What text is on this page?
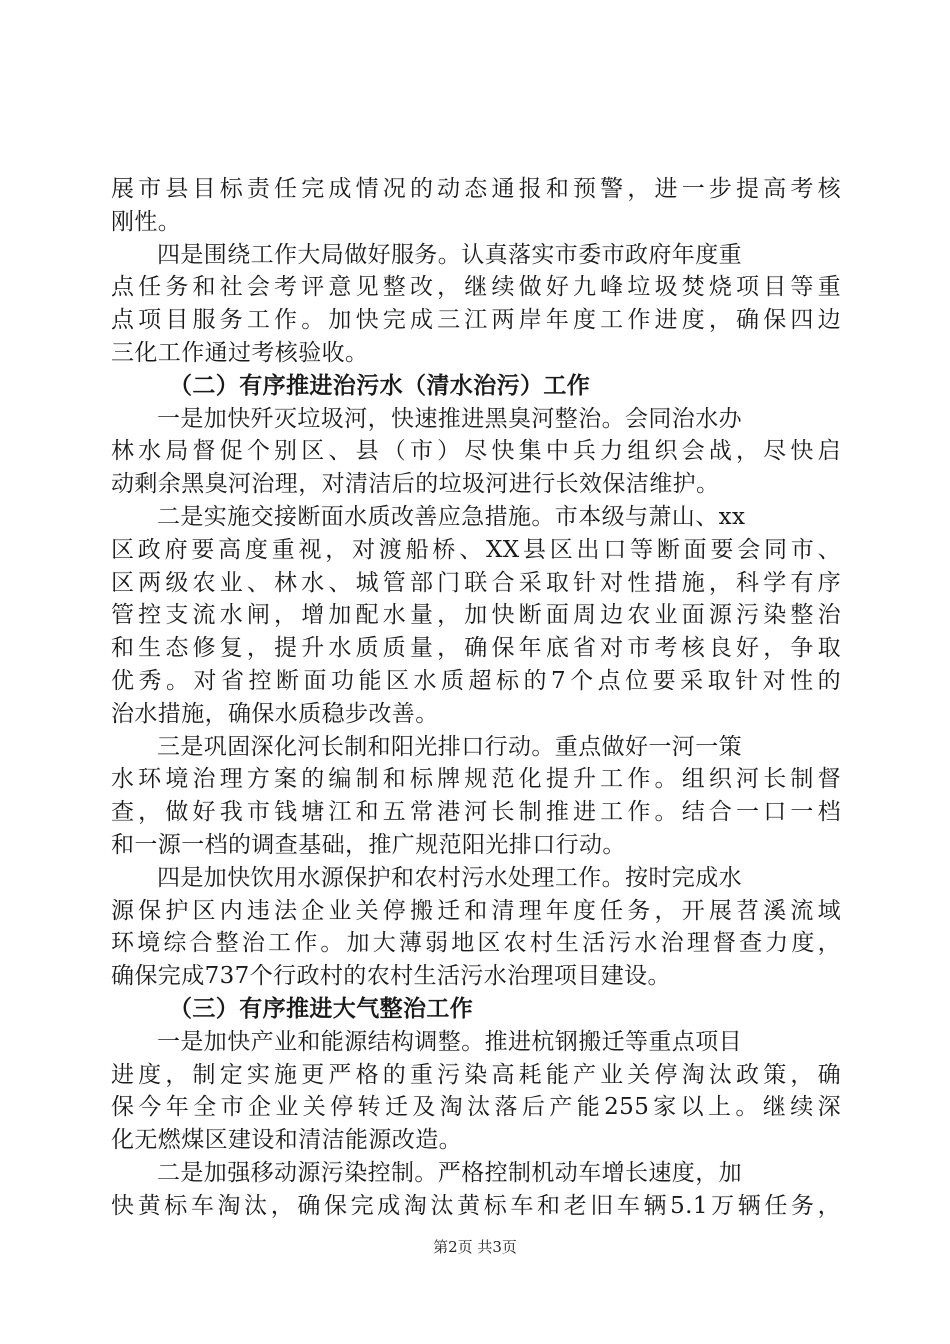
展市县目标责任完成情况的动态通报和预警，进一步提高考核
刚性。
四是围绕工作大局做好服务。认真落实市委市政府年度重
点任务和社会考评意见整改，继续做好九峰垃圾焚烧项目等重
点项目服务工作。加快完成三江两岸年度工作进度，确保四边
三化工作通过考核验收。
（二）有序推进治污水（清水治污）工作
一是加快歼灭垃圾河，快速推进黑臭河整治。会同治水办
林水局督促个别区、县（市）尽快集中兵力组织会战，尽快启
动剩余黑臭河治理，对清洁后的垃圾河进行长效保洁维护。
二是实施交接断面水质改善应急措施。市本级与萧山、xx
区政府要高度重视，对渡船桥、XX县区出口等断面要会同市、
区两级农业、林水、城管部门联合采取针对性措施，科学有序
管控支流水闸，增加配水量，加快断面周边农业面源污染整治
和生态修复，提升水质质量，确保年底省对市考核良好，争取
优秀。对省控断面功能区水质超标的7个点位要采取针对性的
治水措施，确保水质稳步改善。
三是巩固深化河长制和阳光排口行动。重点做好一河一策
水环境治理方案的编制和标牌规范化提升工作。组织河长制督
查，做好我市钱塘江和五常港河长制推进工作。结合一口一档
和一源一档的调查基础，推广规范阳光排口行动。
四是加快饮用水源保护和农村污水处理工作。按时完成水
源保护区内违法企业关停搬迁和清理年度任务，开展苕溪流域
环境综合整治工作。加大薄弱地区农村生活污水治理督查力度，
确保完成737个行政村的农村生活污水治理项目建设。
（三）有序推进大气整治工作
一是加快产业和能源结构调整。推进杭钢搬迁等重点项目
进度，制定实施更严格的重污染高耗能产业关停淘汰政策，确
保今年全市企业关停转迁及淘汰落后产能255家以上。继续深
化无燃煤区建设和清洁能源改造。
二是加强移动源污染控制。严格控制机动车增长速度，加
快黄标车淘汰，确保完成淘汰黄标车和老旧车辆5.1万辆任务，
第2页 共3页
